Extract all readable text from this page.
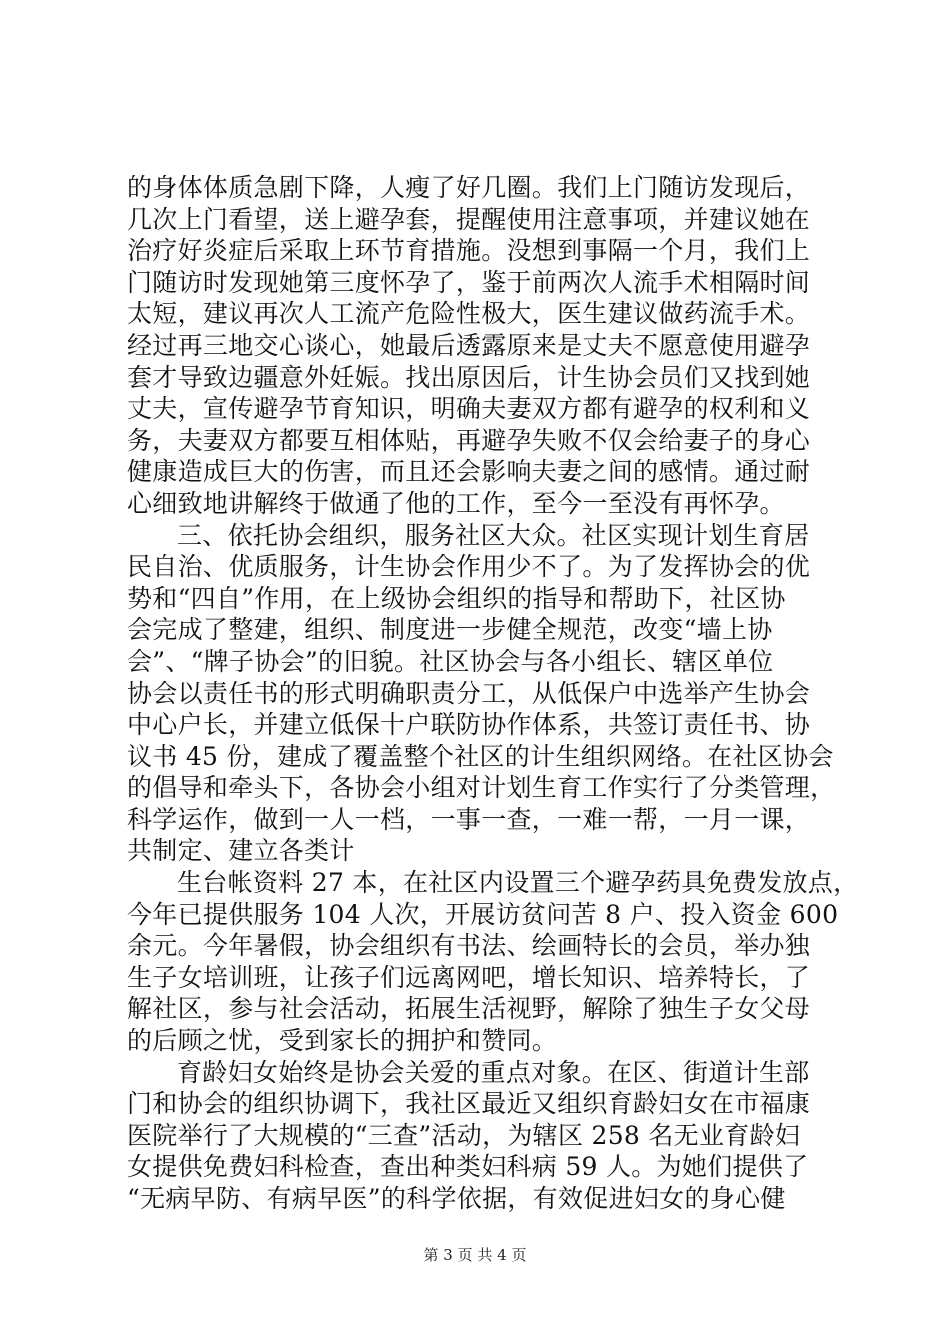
的身体体质急剧下降，人瘦了好几圈。我们上门随访发现后，
几次上门看望，送上避孕套，提醒使用注意事项，并建议她在
治疗好炎症后采取上环节育措施。没想到事隔一个月，我们上
门随访时发现她第三度怀孕了，鉴于前两次人流手术相隔时间
太短，建议再次人工流产危险性极大，医生建议做药流手术。
经过再三地交心谈心，她最后透露原来是丈夫不愿意使用避孕
套才导致边疆意外妊娠。找出原因后，计生协会员们又找到她
丈夫，宣传避孕节育知识，明确夫妻双方都有避孕的权利和义
务，夫妻双方都要互相体贴，再避孕失败不仅会给妻子的身心
健康造成巨大的伤害，而且还会影响夫妻之间的感情。通过耐
心细致地讲解终于做通了他的工作，至今一至没有再怀孕。
三、依托协会组织，服务社区大众。社区实现计划生育居
民自治、优质服务，计生协会作用少不了。为了发挥协会的优
势和“四自”作用，在上级协会组织的指导和帮助下，社区协
会完成了整建，组织、制度进一步健全规范，改变“墙上协
会”、“牌子协会”的旧貌。社区协会与各小组长、辖区单位
协会以责任书的形式明确职责分工，从低保户中选举产生协会
中心户长，并建立低保十户联防协作体系，共签订责任书、协
议书 45 份，建成了覆盖整个社区的计生组织网络。在社区协会
的倡导和牵头下，各协会小组对计划生育工作实行了分类管理，
科学运作，做到一人一档，一事一查，一难一帮，一月一课，
共制定、建立各类计
生台帐资料 27 本，在社区内设置三个避孕药具免费发放点，
今年已提供服务 104 人次，开展访贫问苦 8 户、投入资金 600
余元。今年暑假，协会组织有书法、绘画特长的会员，举办独
生子女培训班，让孩子们远离网吧，增长知识、培养特长，了
解社区，参与社会活动，拓展生活视野，解除了独生子女父母
的后顾之忧，受到家长的拥护和赞同。
育龄妇女始终是协会关爱的重点对象。在区、街道计生部
门和协会的组织协调下，我社区最近又组织育龄妇女在市福康
医院举行了大规模的“三查”活动，为辖区 258 名无业育龄妇
女提供免费妇科检查，查出种类妇科病 59 人。为她们提供了
“无病早防、有病早医”的科学依据，有效促进妇女的身心健
第 3 页 共 4 页
